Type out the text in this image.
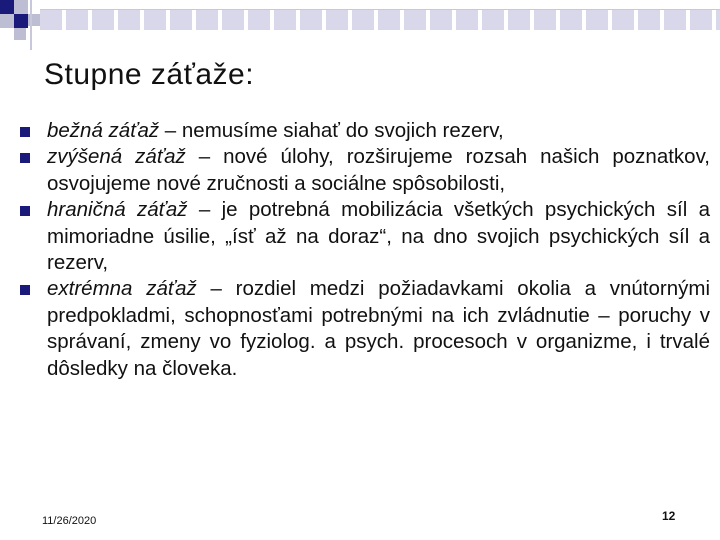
Stupne záťaže:
bežná záťaž – nemusíme siahať do svojich rezerv,
zvýšená záťaž – nové úlohy, rozširujeme rozsah našich poznatkov, osvojujeme nové zručnosti a sociálne spôsobilosti,
hraničná záťaž – je potrebná mobilizácia všetkých psychických síl a mimoriadne úsilie, „ísť až na doraz“, na dno svojich psychických síl a rezerv,
extrémna záťaž – rozdiel medzi požiadavkami okolia a vnútornými predpokladmi, schopnosťami potrebnými na ich zvládnutie – poruchy v správaní, zmeny vo fyziolog. a psych. procesoch v organizme, i trvalé dôsledky na človeka.
11/26/2020	12
